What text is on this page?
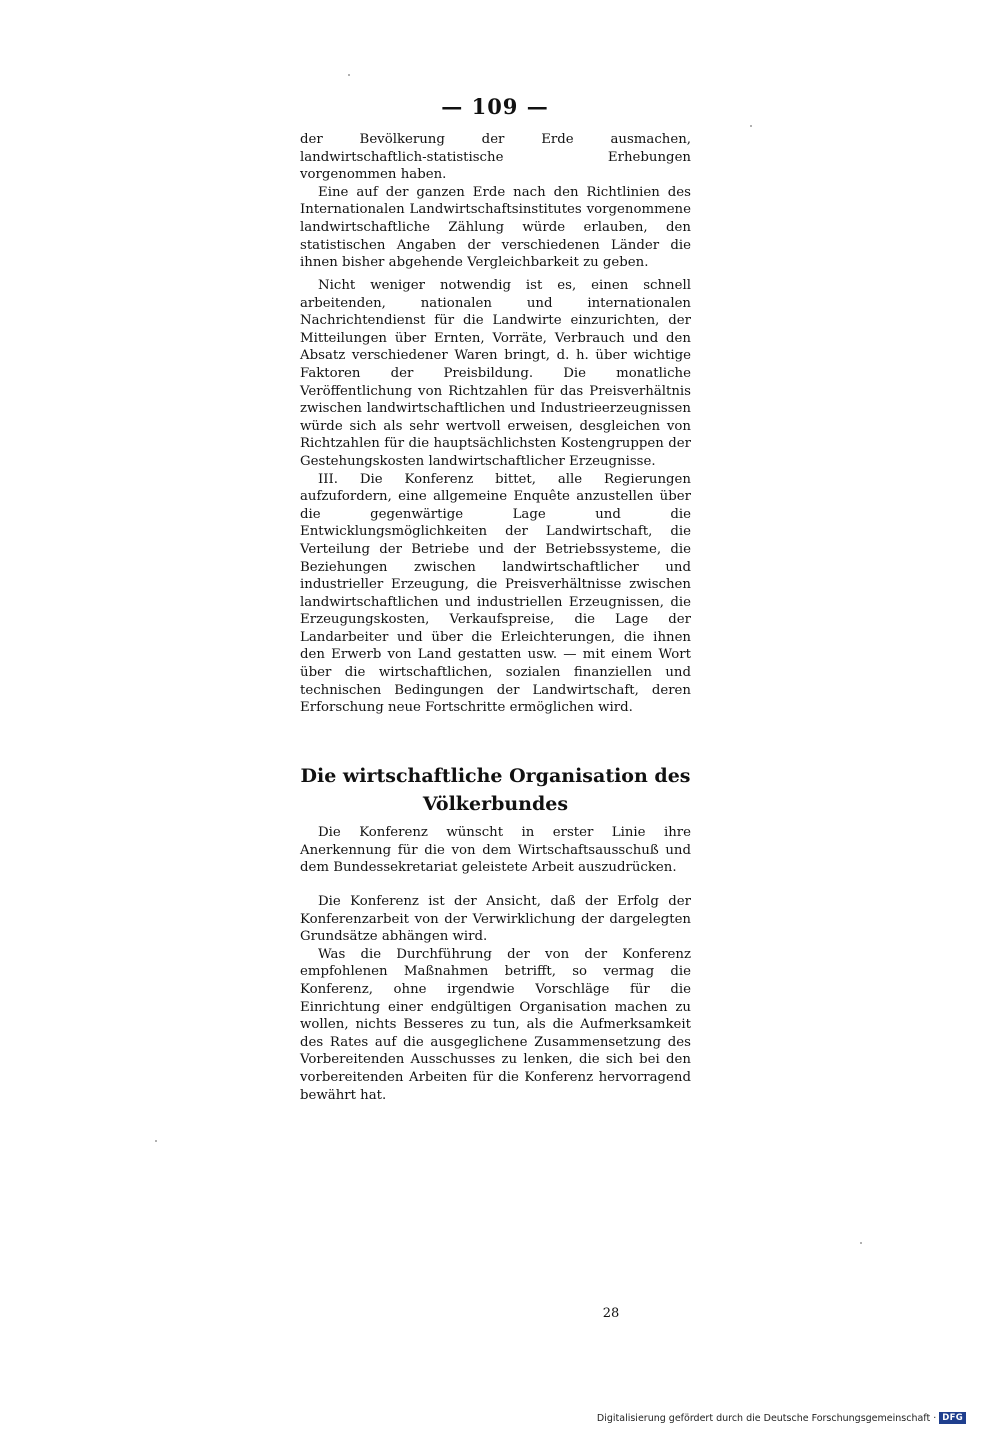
— 109 —

der Bevölkerung der Erde ausmachen, landwirtschaftlich-statistische Erhebungen vorgenommen haben.

Eine auf der ganzen Erde nach den Richtlinien des Internationalen Landwirtschaftsinstitutes vorgenommene landwirtschaftliche Zählung würde erlauben, den statistischen Angaben der verschiedenen Länder die ihnen bisher abgehende Vergleichbarkeit zu geben.

Nicht weniger notwendig ist es, einen schnell arbeitenden, nationalen und internationalen Nachrichtendienst für die Landwirte einzurichten, der Mitteilungen über Ernten, Vorräte, Verbrauch und den Absatz verschiedener Waren bringt, d. h. über wichtige Faktoren der Preisbildung. Die monatliche Veröffentlichung von Richtzahlen für das Preisverhältnis zwischen landwirtschaftlichen und Industrieerzeugnissen würde sich als sehr wertvoll erweisen, desgleichen von Richtzahlen für die hauptsächlichsten Kostengruppen der Gestehungskosten landwirtschaftlicher Erzeugnisse.

III. Die Konferenz bittet, alle Regierungen aufzufordern, eine allgemeine Enquête anzustellen über die gegenwärtige Lage und die Entwicklungsmöglichkeiten der Landwirtschaft, die Verteilung der Betriebe und der Betriebssysteme, die Beziehungen zwischen landwirtschaftlicher und industrieller Erzeugung, die Preisverhältnisse zwischen landwirtschaftlichen und industriellen Erzeugnissen, die Erzeugungskosten, Verkaufspreise, die Lage der Landarbeiter und über die Erleichterungen, die ihnen den Erwerb von Land gestatten usw. — mit einem Wort über die wirtschaftlichen, sozialen finanziellen und technischen Bedingungen der Landwirtschaft, deren Erforschung neue Fortschritte ermöglichen wird.

Die wirtschaftliche Organisation des
Völkerbundes

Die Konferenz wünscht in erster Linie ihre Anerkennung für die von dem Wirtschaftsausschuß und dem Bundessekretariat geleistete Arbeit auszudrücken.

Die Konferenz ist der Ansicht, daß der Erfolg der Konferenzarbeit von der Verwirklichung der dargelegten Grundsätze abhängen wird.

Was die Durchführung der von der Konferenz empfohlenen Maßnahmen betrifft, so vermag die Konferenz, ohne irgendwie Vorschläge für die Einrichtung einer endgültigen Organisation machen zu wollen, nichts Besseres zu tun, als die Aufmerksamkeit des Rates auf die ausgeglichene Zusammensetzung des Vorbereitenden Ausschusses zu lenken, die sich bei den vorbereitenden Arbeiten für die Konferenz hervorragend bewährt hat.

28
Digitalisierung gefördert durch die Deutsche Forschungsgemeinschaft · DFG
